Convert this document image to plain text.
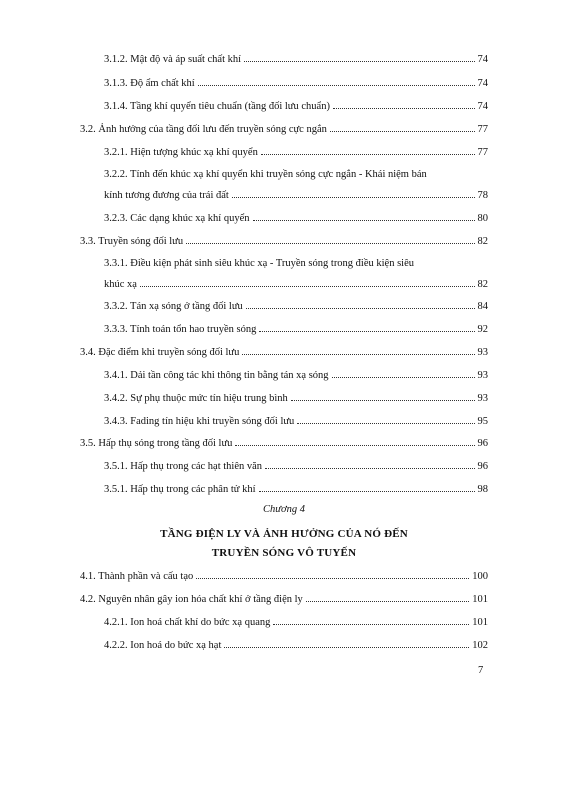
3.1.2. Mật độ và áp suất chất khí	74
3.1.3. Độ ẩm chất khí	74
3.1.4. Tầng khí quyển tiêu chuẩn (tầng đối lưu chuẩn)	74
3.2. Ảnh hưởng của tầng đối lưu đến truyền sóng cực ngắn	77
3.2.1. Hiện tượng khúc xạ khí quyển	77
3.2.2. Tính đến khúc xạ khí quyển khi truyền sóng cực ngắn - Khái niệm bán
kính tương đương của trái đất	78
3.2.3. Các dạng khúc xạ khí quyển	80
3.3. Truyền sóng đối lưu	82
3.3.1. Điều kiện phát sinh siêu khúc xạ - Truyền sóng trong điều kiện siêu
khúc xạ	82
3.3.2. Tán xạ sóng ở tầng đối lưu	84
3.3.3. Tính toán tổn hao truyền sóng	92
3.4. Đặc điểm khi truyền sóng đối lưu	93
3.4.1. Dải tần công tác khi thông tin bằng tán xạ sóng	93
3.4.2. Sự phụ thuộc mức tín hiệu trung bình	93
3.4.3. Fading tín hiệu khi truyền sóng đối lưu	95
3.5. Hấp thụ sóng trong tầng đối lưu	96
3.5.1. Hấp thụ trong các hạt thiên văn	96
3.5.1. Hấp thụ trong các phân tử khí	98
Chương 4
TẦNG ĐIỆN LY VÀ ẢNH HƯỞNG CỦA NÓ ĐẾN
TRUYỀN SÓNG VÔ TUYẾN
4.1. Thành phần và cấu tạo	100
4.2. Nguyên nhân gây ion hóa chất khí ở tầng điện ly	101
4.2.1. Ion hoá chất khí do bức xạ quang	101
4.2.2. Ion hoá do bức xạ hạt	102
7
